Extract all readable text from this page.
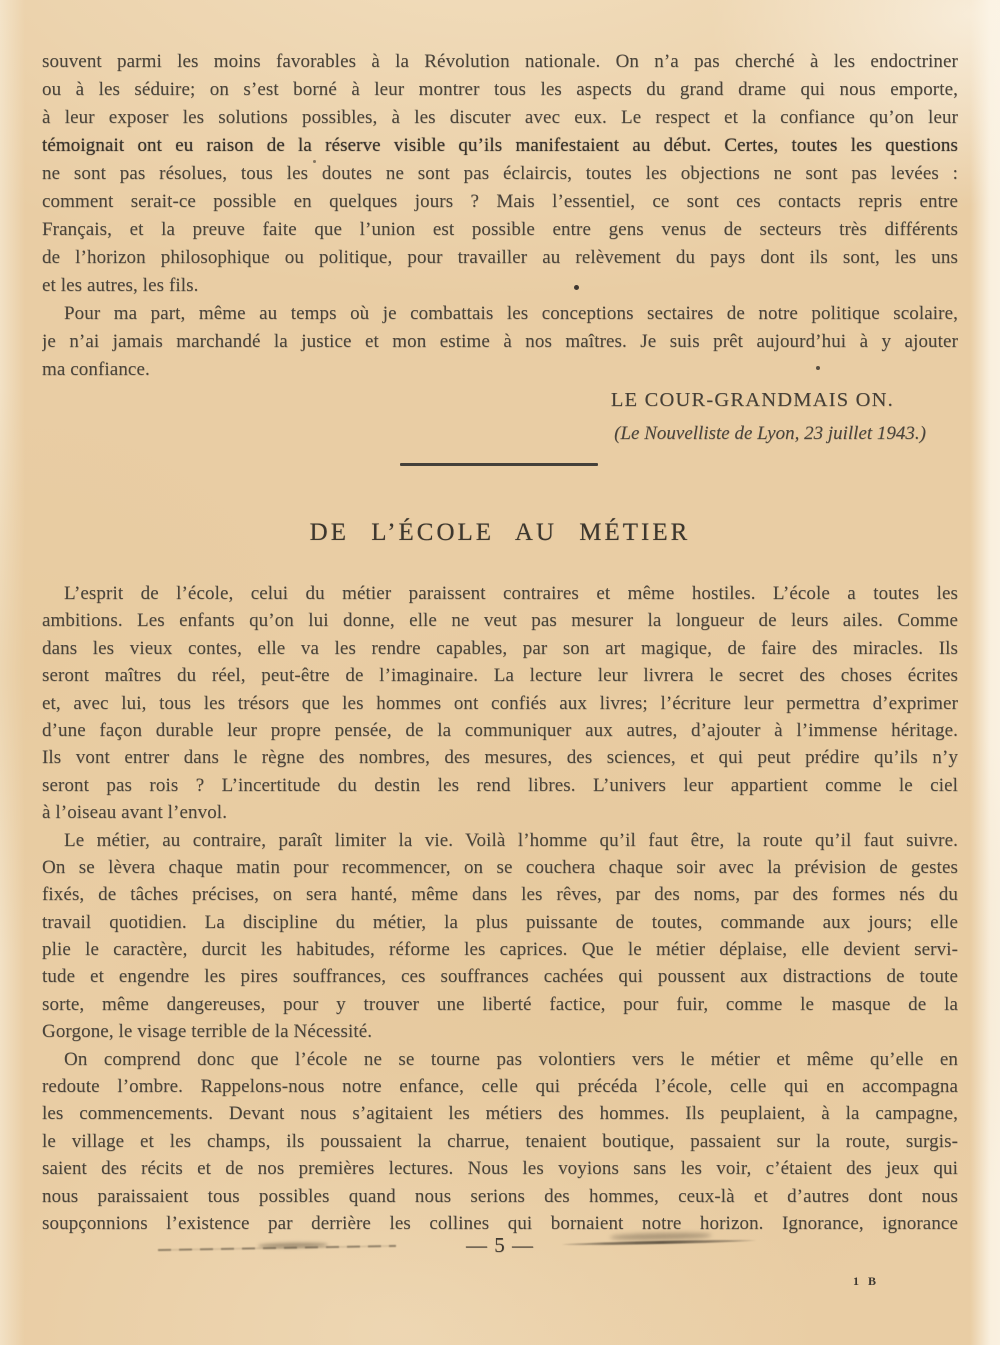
souvent parmi les moins favorables à la Révolution nationale. On n’a pas cherché à les endoctriner
ou à les séduire; on s’est borné à leur montrer tous les aspects du grand drame qui nous emporte,
à leur exposer les solutions possibles, à les discuter avec eux. Le respect et la confiance qu’on leur
témoignait ont eu raison de la réserve visible qu’ils manifestaient au début. Certes, toutes les questions
ne sont pas résolues, tous les doutes ne sont pas éclaircis, toutes les objections ne sont pas levées :
comment serait-ce possible en quelques jours ? Mais l’essentiel, ce sont ces contacts repris entre
Français, et la preuve faite que l’union est possible entre gens venus de secteurs très différents
de l’horizon philosophique ou politique, pour travailler au relèvement du pays dont ils sont, les uns
et les autres, les fils.
Pour ma part, même au temps où je combattais les conceptions sectaires de notre politique scolaire,
je n’ai jamais marchandé la justice et mon estime à nos maîtres. Je suis prêt aujourd’hui à y ajouter
ma confiance.
LE COUR-GRANDMAIS ON.
(Le Nouvelliste de Lyon, 23 juillet 1943.)
DE L’ÉCOLE AU MÉTIER
L’esprit de l’école, celui du métier paraissent contraires et même hostiles. L’école a toutes les
ambitions. Les enfants qu’on lui donne, elle ne veut pas mesurer la longueur de leurs ailes. Comme
dans les vieux contes, elle va les rendre capables, par son art magique, de faire des miracles. Ils
seront maîtres du réel, peut-être de l’imaginaire. La lecture leur livrera le secret des choses écrites
et, avec lui, tous les trésors que les hommes ont confiés aux livres; l’écriture leur permettra d’exprimer
d’une façon durable leur propre pensée, de la communiquer aux autres, d’ajouter à l’immense héritage.
Ils vont entrer dans le règne des nombres, des mesures, des sciences, et qui peut prédire qu’ils n’y
seront pas rois ? L’incertitude du destin les rend libres. L’univers leur appartient comme le ciel
à l’oiseau avant l’envol.
Le métier, au contraire, paraît limiter la vie. Voilà l’homme qu’il faut être, la route qu’il faut suivre.
On se lèvera chaque matin pour recommencer, on se couchera chaque soir avec la prévision de gestes
fixés, de tâches précises, on sera hanté, même dans les rêves, par des noms, par des formes nés du
travail quotidien. La discipline du métier, la plus puissante de toutes, commande aux jours; elle
plie le caractère, durcit les habitudes, réforme les caprices. Que le métier déplaise, elle devient servi-
tude et engendre les pires souffrances, ces souffrances cachées qui poussent aux distractions de toute
sorte, même dangereuses, pour y trouver une liberté factice, pour fuir, comme le masque de la
Gorgone, le visage terrible de la Nécessité.
On comprend donc que l’école ne se tourne pas volontiers vers le métier et même qu’elle en
redoute l’ombre. Rappelons-nous notre enfance, celle qui précéda l’école, celle qui en accompagna
les commencements. Devant nous s’agitaient les métiers des hommes. Ils peuplaient, à la campagne,
le village et les champs, ils poussaient la charrue, tenaient boutique, passaient sur la route, surgis-
saient des récits et de nos premières lectures. Nous les voyions sans les voir, c’étaient des jeux qui
nous paraissaient tous possibles quand nous serions des hommes, ceux-là et d’autres dont nous
soupçonnions l’existence par derrière les collines qui bornaient notre horizon. Ignorance, ignorance
— 5 —
1 B
